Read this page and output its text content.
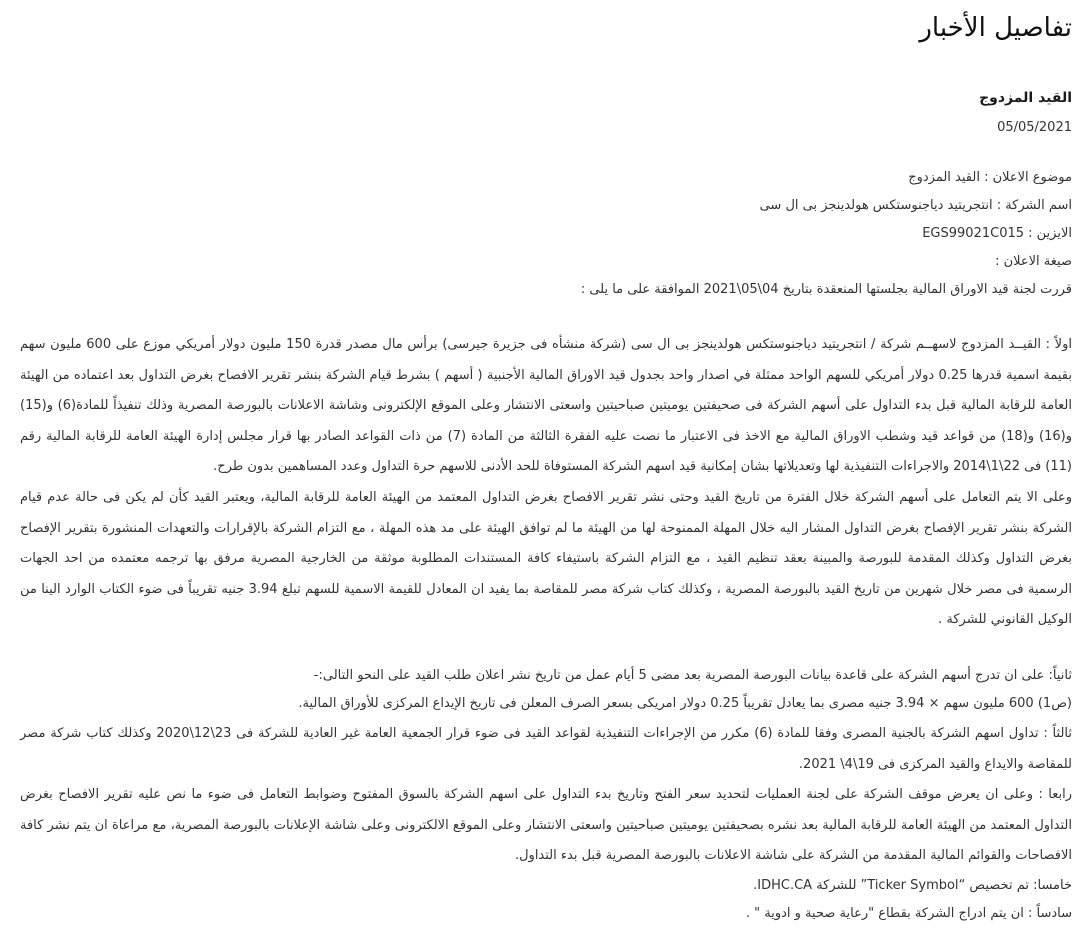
تفاصيل الأخبار
القيد المزدوج
05/05/2021

موضوع الاعلان : القيد المزدوج

اسم الشركة : انتجريتيد دياجنوستكس هولدينجز بى ال سى

الايزين : EGS99021C015

صيغة الاعلان :

قررت لجنة قيد الاوراق المالية بجلستها المنعقدة بتاريخ 04\05\2021 الموافقة على ما يلى :

اولاً : القيــد المزدوج لاسهــم شركة / انتجريتيد دياجنوستكس هولدينجز بى ال سى (شركة منشأه فى جزيرة جيرسى) برأس مال مصدر قدرة 150 مليون دولار أمريكي موزع على 600 مليون سهم بقيمة اسمية قدرها 0.25 دولار أمريكي للسهم الواحد ممثلة في اصدار واحد بجدول قيد الاوراق المالية الأجنبية ( أسهم ) بشرط قيام الشركة بنشر تقرير الافصاح بغرض التداول بعد اعتماده من الهيئة العامة للرقابة المالية قبل بدء التداول على أسهم الشركة فى صحيفتين يوميتين صباحيتين واسعتى الانتشار وعلى الموقع الإلكترونى وشاشة الاعلانات بالبورصة المصرية وذلك تنفيذاً للمادة(6) و(15) و(16) و(18) من قواعد قيد وشطب الاوراق المالية مع الاخذ فى الاعتبار ما نصت عليه الفقرة الثالثة من المادة (7) من ذات القواعد الصادر بها قرار مجلس إدارة الهيئة العامة للرقابة المالية رقم (11) فى 22\1\2014 والاجراءات التنفيذية لها وتعديلاتها بشان إمكانية قيد اسهم الشركة المستوفاة للحد الأدنى للاسهم حرة التداول وعدد المساهمين بدون طرح.

وعلى الا يتم التعامل على أسهم الشركة خلال الفترة من تاريخ القيد وحتى نشر تقرير الافصاح بغرض التداول المعتمد من الهيئة العامة للرقابة المالية، ويعتبر القيد كأن لم يكن فى حالة عدم قيام الشركة بنشر تقرير الإفصاح بغرض التداول المشار اليه خلال المهلة الممنوحة لها من الهيئة ما لم توافق الهيئة على مد هذه المهلة ، مع التزام الشركة بالإقرارات والتعهدات المنشورة بتقرير الإفصاح بغرض التداول وكذلك المقدمة للبورصة والمبينة بعقد تنظيم القيد ، مع التزام الشركة باستيفاء كافة المستندات المطلوبة موثقة من الخارجية المصرية مرفق بها ترجمه معتمده من احد الجهات الرسمية فى مصر خلال شهرين من تاريخ القيد بالبورصة المصرية ، وكذلك كتاب شركة مصر للمقاصة بما يفيد ان المعادل للقيمة الاسمية للسهم تبلغ 3.94 جنيه تقريباً فى ضوء الكتاب الوارد الينا من الوكيل القانوني للشركة .

ثانياً: على ان تدرج أسهم الشركة على قاعدة بيانات البورصة المصرية بعد مضى 5 أيام عمل من تاريخ نشر اعلان طلب القيد على النحو التالى:-

(ص1) 600 مليون سهم × 3.94 جنيه مصرى بما يعادل تقريباً 0.25 دولار امريكى بسعر الصرف المعلن فى تاريخ الإيداع المركزى للأوراق المالية.

ثالثاً : تداول اسهم الشركة بالجنية المصرى وفقا للمادة (6) مكرر من الإجراءات التنفيذية لقواعد القيد فى ضوء قرار الجمعية العامة غير العادية للشركة فى 23\12\2020 وكذلك كتاب شركة مصر للمقاصة والايداع والقيد المركزى فى 19\4\ 2021.

رابعا : وعلى ان يعرض موقف الشركة على لجنة العمليات لتحديد سعر الفتح وتاريخ بدء التداول على اسهم الشركة بالسوق المفتوح وضوابط التعامل فى ضوء ما نص عليه تقرير الافصاح بغرض التداول المعتمد من الهيئة العامة للرقابة المالية بعد نشره بصحيفتين يوميتين صباحيتين واسعتى الانتشار وعلى الموقع الالكترونى وعلى شاشة الإعلانات بالبورصة المصرية، مع مراعاة ان يتم نشر كافة الافصاحات والقوائم المالية المقدمة من الشركة على شاشة الاعلانات بالبورصة المصرية قبل بدء التداول.

خامسا: تم تخصيص “Ticker Symbol” للشركة IDHC.CA.

سادساً : ان يتم ادراج الشركة بقطاع "رعاية صحية و ادوية " .
